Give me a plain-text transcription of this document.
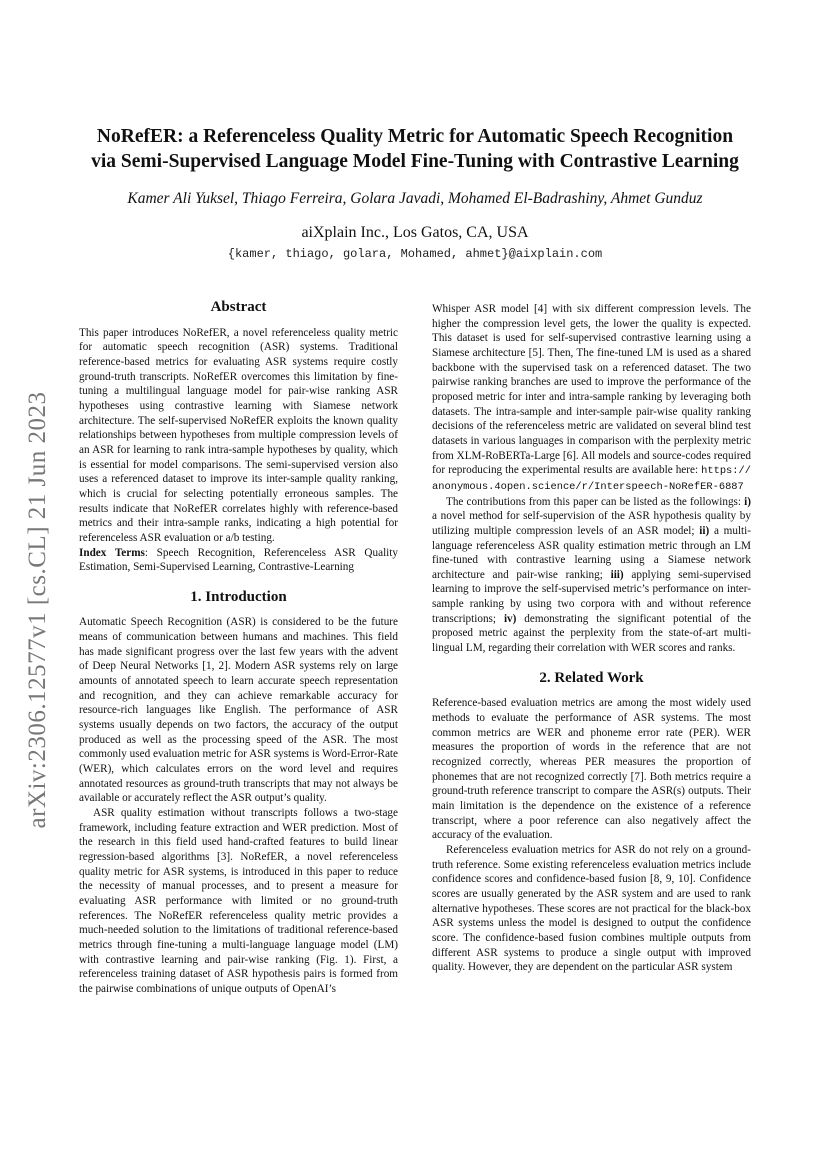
arXiv:2306.12577v1 [cs.CL] 21 Jun 2023
NoRefER: a Referenceless Quality Metric for Automatic Speech Recognition
via Semi-Supervised Language Model Fine-Tuning with Contrastive Learning
Kamer Ali Yuksel, Thiago Ferreira, Golara Javadi, Mohamed El-Badrashiny, Ahmet Gunduz
aiXplain Inc., Los Gatos, CA, USA
{kamer, thiago, golara, Mohamed, ahmet}@aixplain.com
Abstract

This paper introduces NoRefER, a novel referenceless quality metric for automatic speech recognition (ASR) systems. Traditional reference-based metrics for evaluating ASR systems require costly ground-truth transcripts. NoRefER overcomes this limitation by fine-tuning a multilingual language model for pair-wise ranking ASR hypotheses using contrastive learning with Siamese network architecture. The self-supervised NoRefER exploits the known quality relationships between hypotheses from multiple compression levels of an ASR for learning to rank intra-sample hypotheses by quality, which is essential for model comparisons. The semi-supervised version also uses a referenced dataset to improve its inter-sample quality ranking, which is crucial for selecting potentially erroneous samples. The results indicate that NoRefER correlates highly with reference-based metrics and their intra-sample ranks, indicating a high potential for referenceless ASR evaluation or a/b testing.
Index Terms: Speech Recognition, Referenceless ASR Quality Estimation, Semi-Supervised Learning, Contrastive-Learning

1. Introduction

Automatic Speech Recognition (ASR) is considered to be the future means of communication between humans and machines. This field has made significant progress over the last few years with the advent of Deep Neural Networks [1, 2]. Modern ASR systems rely on large amounts of annotated speech to learn accurate speech representation and recognition, and they can achieve remarkable accuracy for resource-rich languages like English. The performance of ASR systems usually depends on two factors, the accuracy of the output produced as well as the processing speed of the ASR. The most commonly used evaluation metric for ASR systems is Word-Error-Rate (WER), which calculates errors on the word level and requires annotated resources as ground-truth transcripts that may not always be available or accurately reflect the ASR output’s quality.

ASR quality estimation without transcripts follows a two-stage framework, including feature extraction and WER prediction. Most of the research in this field used hand-crafted features to build linear regression-based algorithms [3]. NoRefER, a novel referenceless quality metric for ASR systems, is introduced in this paper to reduce the necessity of manual processes, and to present a measure for evaluating ASR performance with limited or no ground-truth references. The NoRefER referenceless quality metric provides a much-needed solution to the limitations of traditional reference-based metrics through fine-tuning a multi-language language model (LM) with contrastive learning and pair-wise ranking (Fig. 1). First, a referenceless training dataset of ASR hypothesis pairs is formed from the pairwise combinations of unique outputs of OpenAI’s

Whisper ASR model [4] with six different compression levels. The higher the compression level gets, the lower the quality is expected. This dataset is used for self-supervised contrastive learning using a Siamese architecture [5]. Then, The fine-tuned LM is used as a shared backbone with the supervised task on a referenced dataset. The two pairwise ranking branches are used to improve the performance of the proposed metric for inter and intra-sample ranking by leveraging both datasets. The intra-sample and inter-sample pair-wise quality ranking decisions of the referenceless metric are validated on several blind test datasets in various languages in comparison with the perplexity metric from XLM-RoBERTa-Large [6]. All models and source-codes required for reproducing the experimental results are available here: https://anonymous.4open.science/r/Interspeech-NoRefER-6887

The contributions from this paper can be listed as the followings: i) a novel method for self-supervision of the ASR hypothesis quality by utilizing multiple compression levels of an ASR model; ii) a multi-language referenceless ASR quality estimation metric through an LM fine-tuned with contrastive learning using a Siamese network architecture and pair-wise ranking; iii) applying semi-supervised learning to improve the self-supervised metric’s performance on inter-sample ranking by using two corpora with and without reference transcriptions; iv) demonstrating the significant potential of the proposed metric against the perplexity from the state-of-art multi-lingual LM, regarding their correlation with WER scores and ranks.

2. Related Work

Reference-based evaluation metrics are among the most widely used methods to evaluate the performance of ASR systems. The most common metrics are WER and phoneme error rate (PER). WER measures the proportion of words in the reference that are not recognized correctly, whereas PER measures the proportion of phonemes that are not recognized correctly [7]. Both metrics require a ground-truth reference transcript to compare the ASR(s) outputs. Their main limitation is the dependence on the existence of a reference transcript, where a poor reference can also negatively affect the accuracy of the evaluation.

Referenceless evaluation metrics for ASR do not rely on a ground-truth reference. Some existing referenceless evaluation metrics include confidence scores and confidence-based fusion [8, 9, 10]. Confidence scores are usually generated by the ASR system and are used to rank alternative hypotheses. These scores are not practical for the black-box ASR systems unless the model is designed to output the confidence score. The confidence-based fusion combines multiple outputs from different ASR systems to produce a single output with improved quality. However, they are dependent on the particular ASR system
